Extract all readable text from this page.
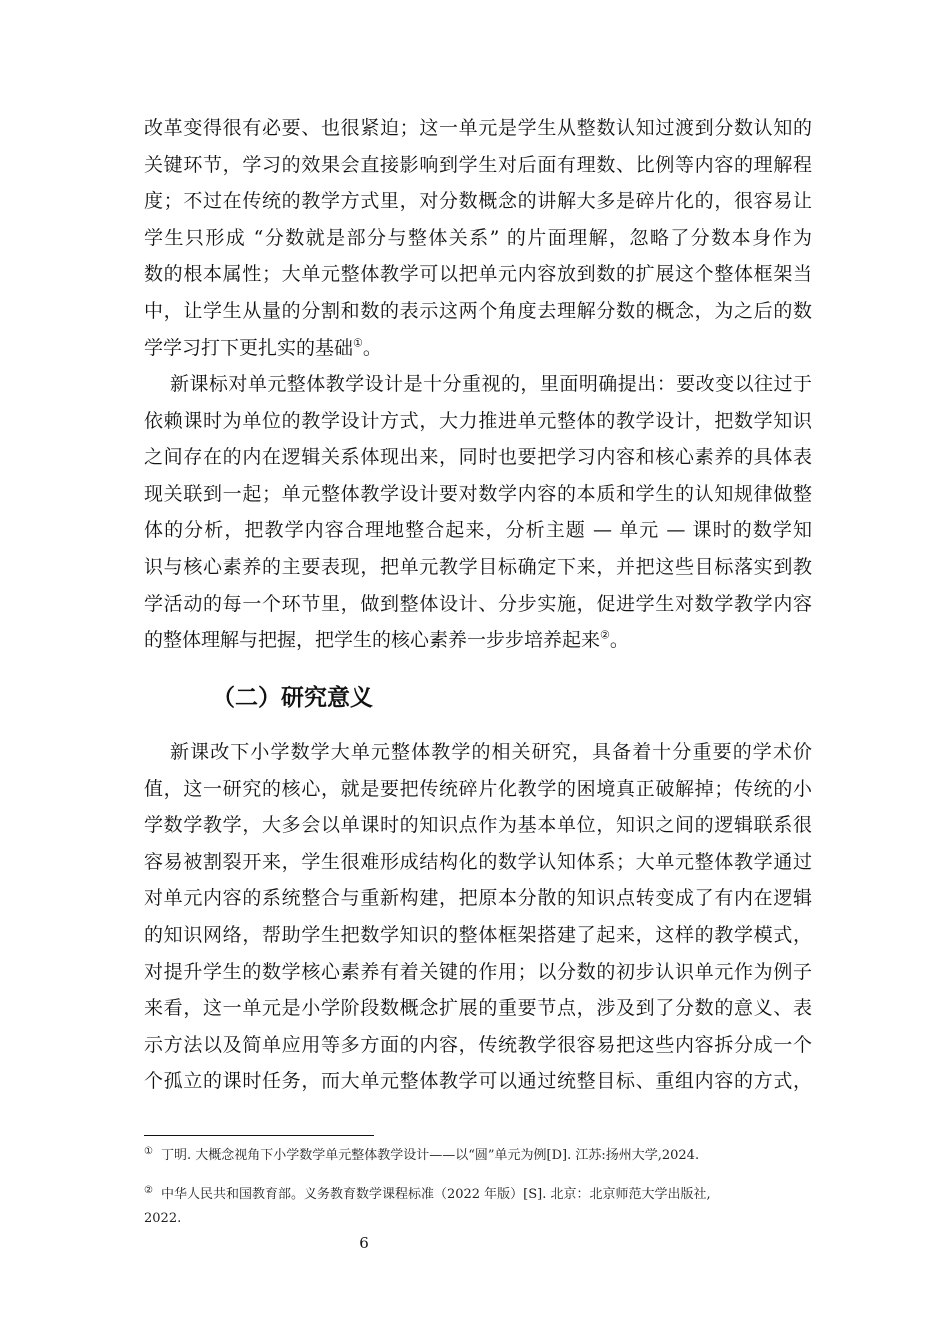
改革变得很有必要、也很紧迫；这一单元是学生从整数认知过渡到分数认知的
关键环节，学习的效果会直接影响到学生对后面有理数、比例等内容的理解程
度；不过在传统的教学方式里，对分数概念的讲解大多是碎片化的，很容易让
学生只形成 “分数就是部分与整体关系” 的片面理解，忽略了分数本身作为
数的根本属性；大单元整体教学可以把单元内容放到数的扩展这个整体框架当
中，让学生从量的分割和数的表示这两个角度去理解分数的概念，为之后的数
学学习打下更扎实的基础①。
新课标对单元整体教学设计是十分重视的，里面明确提出：要改变以往过于
依赖课时为单位的教学设计方式，大力推进单元整体的教学设计，把数学知识
之间存在的内在逻辑关系体现出来，同时也要把学习内容和核心素养的具体表
现关联到一起；单元整体教学设计要对数学内容的本质和学生的认知规律做整
体的分析，把教学内容合理地整合起来，分析主题 — 单元 — 课时的数学知
识与核心素养的主要表现，把单元教学目标确定下来，并把这些目标落实到教
学活动的每一个环节里，做到整体设计、分步实施，促进学生对数学教学内容
的整体理解与把握，把学生的核心素养一步步培养起来②。
（二）研究意义
新课改下小学数学大单元整体教学的相关研究，具备着十分重要的学术价
值，这一研究的核心，就是要把传统碎片化教学的困境真正破解掉；传统的小
学数学教学，大多会以单课时的知识点作为基本单位，知识之间的逻辑联系很
容易被割裂开来，学生很难形成结构化的数学认知体系；大单元整体教学通过
对单元内容的系统整合与重新构建，把原本分散的知识点转变成了有内在逻辑
的知识网络，帮助学生把数学知识的整体框架搭建了起来，这样的教学模式，
对提升学生的数学核心素养有着关键的作用；以分数的初步认识单元作为例子
来看，这一单元是小学阶段数概念扩展的重要节点，涉及到了分数的意义、表
示方法以及简单应用等多方面的内容，传统教学很容易把这些内容拆分成一个
个孤立的课时任务，而大单元整体教学可以通过统整目标、重组内容的方式，
① 丁明. 大概念视角下小学数学单元整体教学设计——以“圆”单元为例[D]. 江苏:扬州大学,2024.
② 中华人民共和国教育部。义务教育数学课程标准（2022 年版）[S]. 北京：北京师范大学出版社,
2022.
6
